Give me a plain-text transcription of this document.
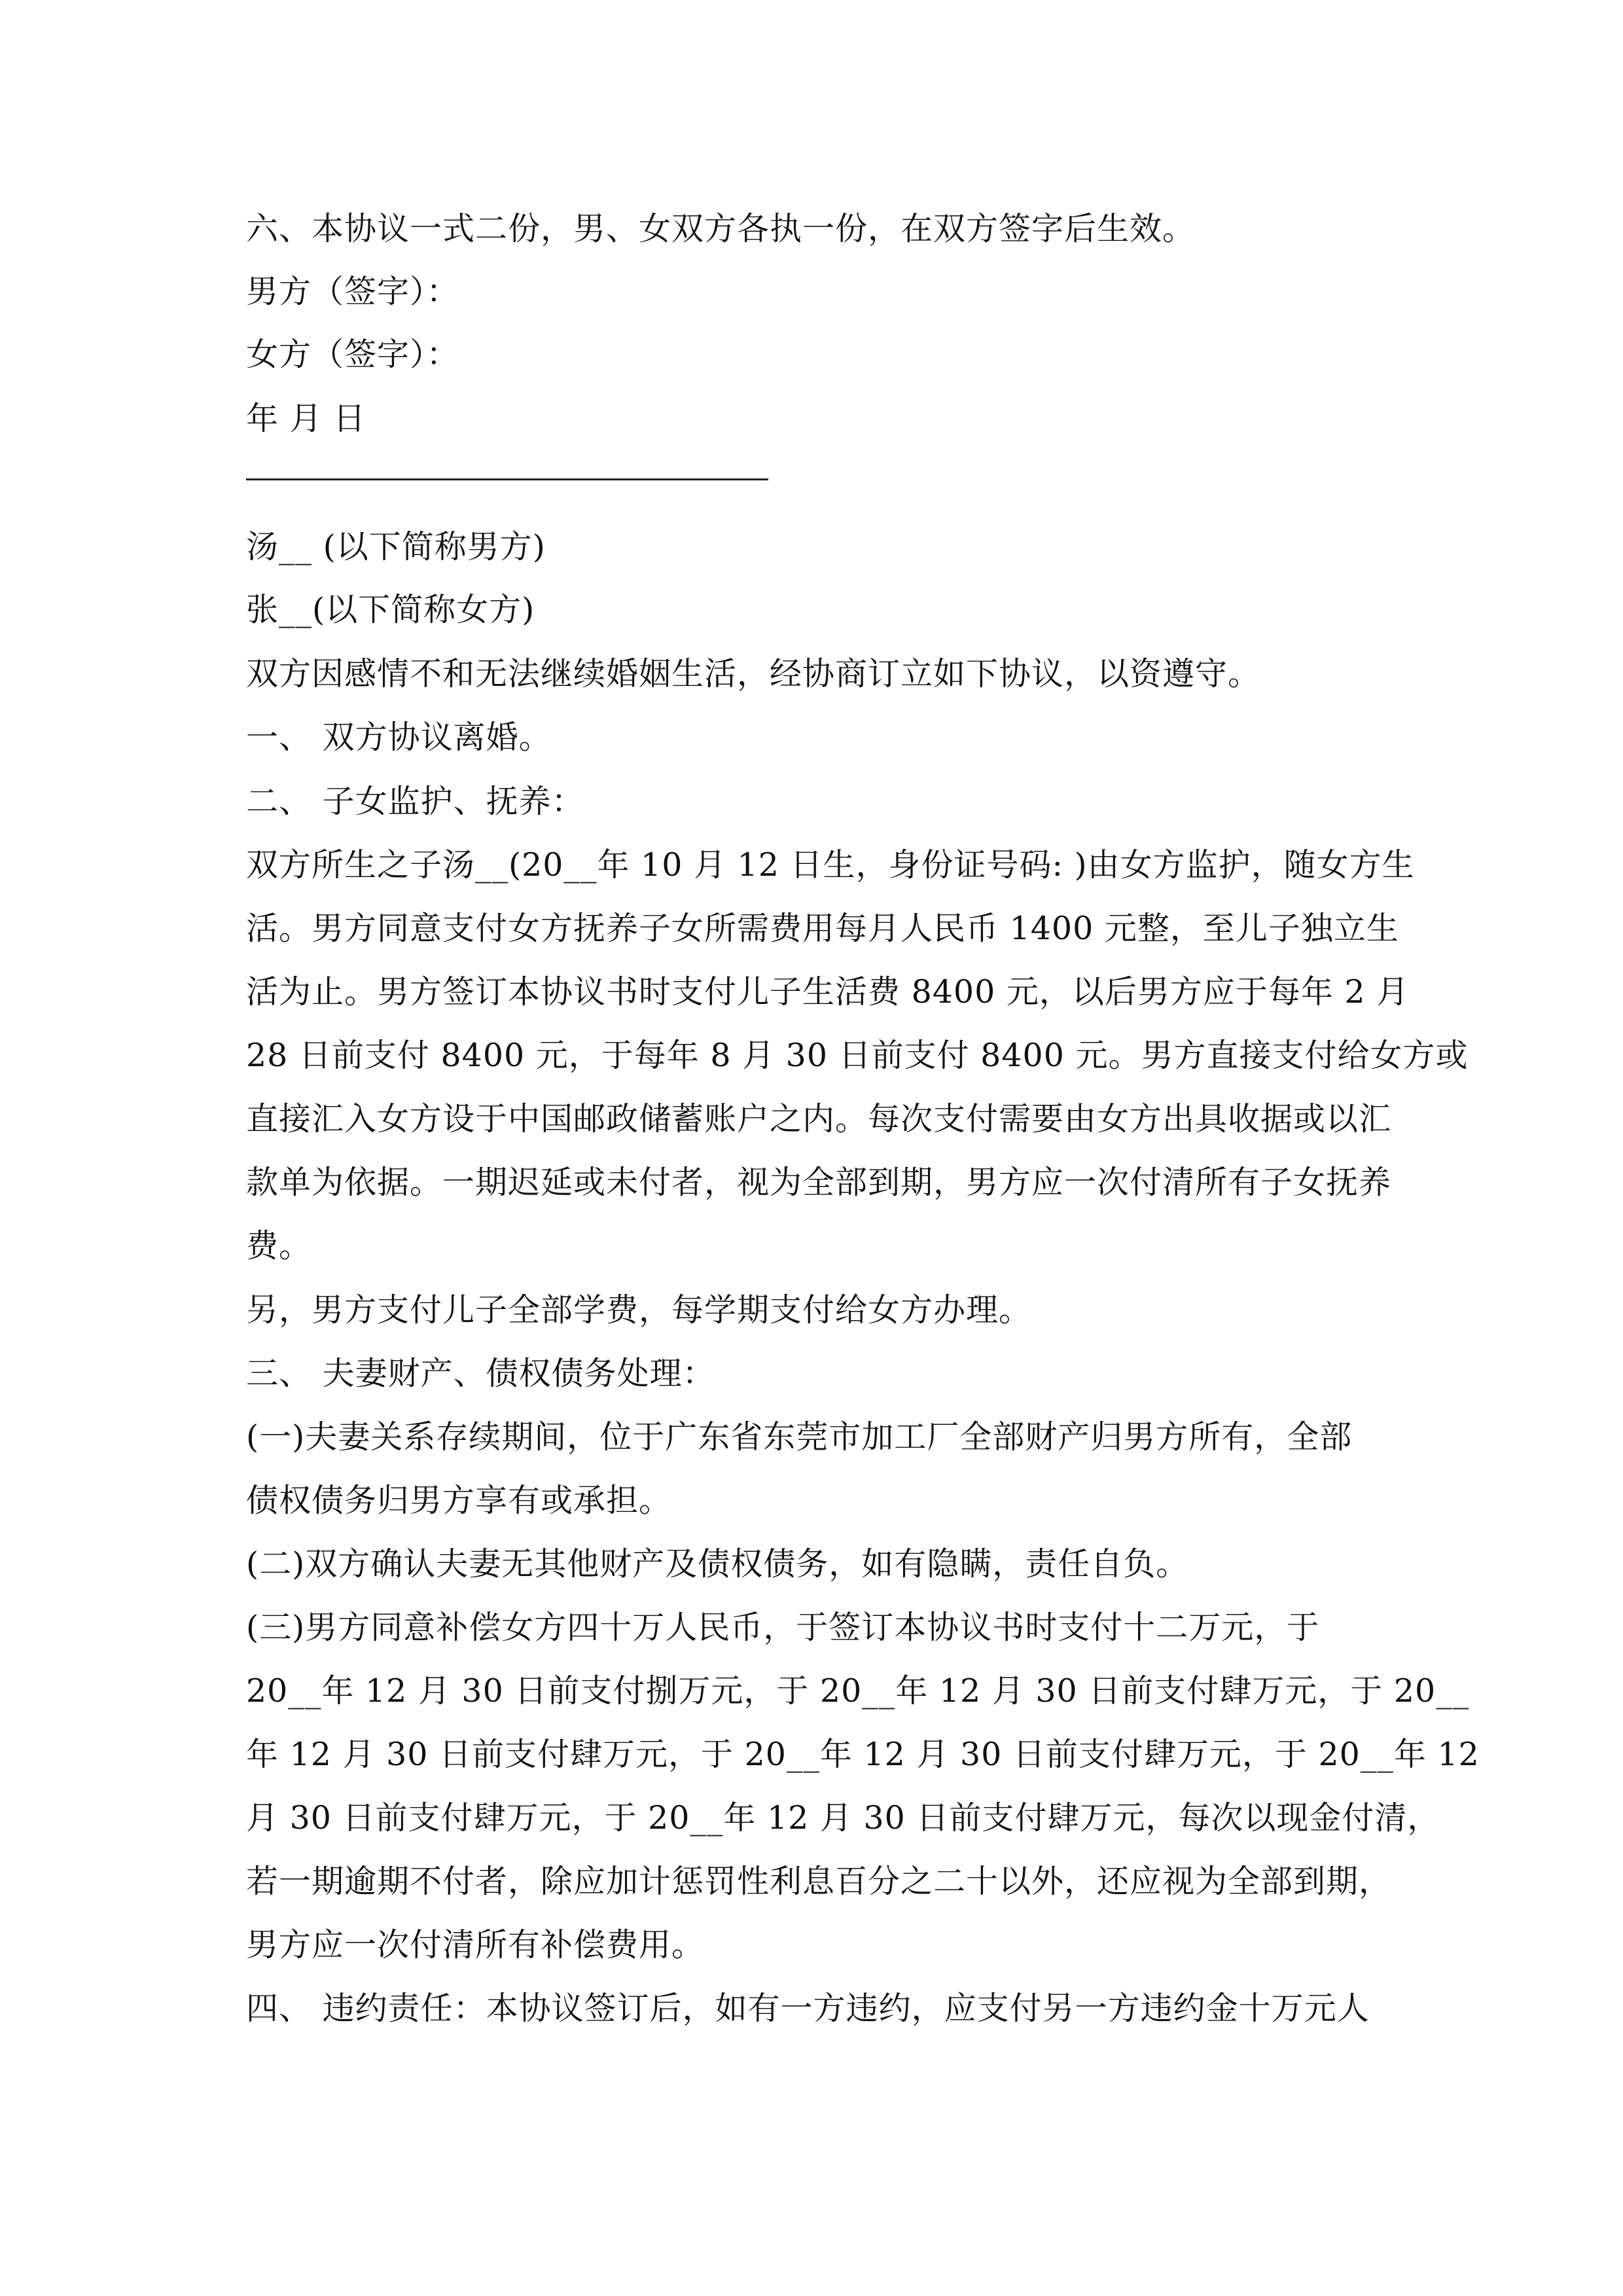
六、本协议一式二份，男、女双方各执一份，在双方签字后生效。
男方（签字）：
女方（签字）：
年 月 日
汤__ (以下简称男方)
张__(以下简称女方)
双方因感情不和无法继续婚姻生活，经协商订立如下协议，以资遵守。
一、 双方协议离婚。
二、 子女监护、抚养：
双方所生之子汤__(20__年 10 月 12 日生，身份证号码: )由女方监护，随女方生
活。男方同意支付女方抚养子女所需费用每月人民币 1400 元整，至儿子独立生
活为止。男方签订本协议书时支付儿子生活费 8400 元，以后男方应于每年 2 月
28 日前支付 8400 元，于每年 8 月 30 日前支付 8400 元。男方直接支付给女方或
直接汇入女方设于中国邮政储蓄账户之内。每次支付需要由女方出具收据或以汇
款单为依据。一期迟延或未付者，视为全部到期，男方应一次付清所有子女抚养
费。
另，男方支付儿子全部学费，每学期支付给女方办理。
三、 夫妻财产、债权债务处理：
(一)夫妻关系存续期间，位于广东省东莞市加工厂全部财产归男方所有，全部
债权债务归男方享有或承担。
(二)双方确认夫妻无其他财产及债权债务，如有隐瞒，责任自负。
(三)男方同意补偿女方四十万人民币，于签订本协议书时支付十二万元，于
20__年 12 月 30 日前支付捌万元，于 20__年 12 月 30 日前支付肆万元，于 20__
年 12 月 30 日前支付肆万元，于 20__年 12 月 30 日前支付肆万元，于 20__年 12
月 30 日前支付肆万元，于 20__年 12 月 30 日前支付肆万元，每次以现金付清，
若一期逾期不付者，除应加计惩罚性利息百分之二十以外，还应视为全部到期，
男方应一次付清所有补偿费用。
四、 违约责任：本协议签订后，如有一方违约，应支付另一方违约金十万元人
